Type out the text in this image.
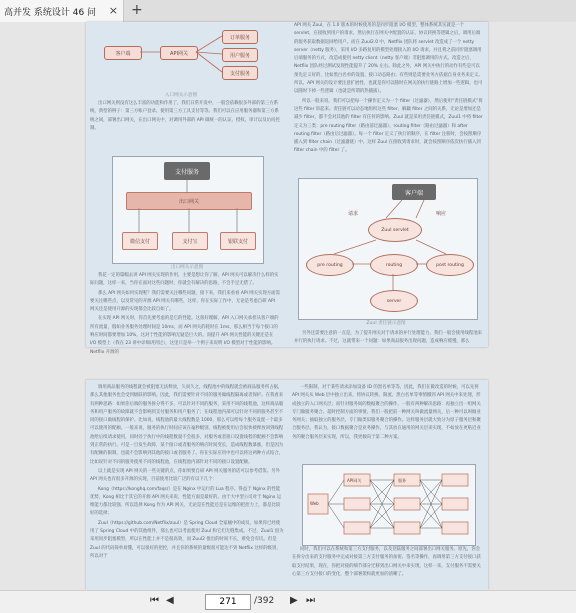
高并发 系统设计 46 问 × +
客户端	API网关
订单服务
用户服务
支付服务
入口网关示意图

出口网关则没有这么丰富的功能和作用了，我们日常开发中，一般会依赖很多外部的第三方系统，典型的例子：第三方账户登录、使用第三方工具支付等等。我们可以在应用服务器和第三方系统之间，部署出口网关，在出口网关中，对调用外部的 API 做统一的认证、授权、审计以及访问控制。

支付服务
出口网关
微信支付	支付宝	银联支付
出口网关示意图

我花一定的篇幅去讲 API 网关实现的作用，主要是想让你了解，API 网关可以解决什么样的实际问题，这样一来，当你在面对这些问题时，你就会有解决的思路，不会手足无措了。

那么 API 网关如何实现呢？我们需要关注哪些问题，接下来，我们来看看 API 网关实现方面需要关注哪些点，以及常见的开源 API 网关有哪些，这样，你在实际工作中，无论是考虑自研 API 网关还是使用开源的实现都会比较自如了。

在实现 API 网关时，你首先要考虑的是它的性能。这很好理解，API 入口网关承担从客户端的所有流量，假如业务服务处理时间是 10ms，而 API 网关的耗时在 1ms，那么相当于每个接口的响应时间都要增加 10%，这对于性能的影响无疑是巨大的。而提升 API 网关性能的关键还是在 I/O 模型上（我在 23 讲中详细讲到过），这里只是举一个例子来说明 I/O 模型对于性能的影响。Netflix 开源的

API 网关 Zuul，在 1.0 版本的时候使用的是同步阻塞 I/O 模型，整体系统其实就是一个 servlet，在接收到用户的请求，然后执行在网关中配置的认证、协议转换等逻辑之后，调用后端的服务获取数据返回给用户。而在 Zuul2.0 中，Netflix 团队将 servlet 改造成了一个 netty server（netty 服务），采用 I/O 多路复用的模型处理接入的 I/O 请求，并且将之前同步阻塞调用后端服务的方式，改造成使用 netty client（netty 客户端）非阻塞调用的方式。改造之后，Netflix 团队经过测试发现性能提升了 20% 左右。除此之外，API 网关中执行的动作有些是可以预先定义好的，比如黑白名单的设置、接口动态路由；有些则是需要业务方依据自身业务来定义。所以，API 网关的设计要注意扩展性，也就是你可以随时在网关的执行链路上增加一些逻辑，也可以随时下掉一些逻辑（也就是所谓的热插拔）。

所以一般来说，我们可以把每一个操作定义为一个 filter（过滤器），然后使用“责任链模式”将这些 filter 串起来。责任链可以动态地组织这些 filter，解耦 filter 之间的关系，无论是增加还是减少 filter，都不会对其他的 filter 有任何的影响。Zuul 就是采用责任链模式，Zuul1 中将 filter 定义为三类：pre routing filter（路由前过滤器）、routing filter（路由过滤器）和 after routing filter（路由后过滤器）。每一个 filter 定义了执行的顺序，在 filter 注册时，会按照顺序插入到 filter chain（过滤器链）中。这样 Zuul 在接收到请求时，就会按照顺序依次执行插入到 filter chain 中的 filter 了。

客户端
请求	响应
Zuul servlet
pre routing	routing	post routing
server
Zuul 责任链示意图

另外还需要注意的一点是，为了提升网关对于请求的并行处理能力，我们一般会使用线程池来并行的执行请求。不过，这就带来一个问题：如果商品服务出现问题，造成响应缓慢，那么

调用商品服务的线程就会被阻塞无法释放，久而久之，线程池中的线程就会被商品服务所占据，那么其他服务也会受到级联的影响。因此，我们需要针对不同的服务做线程隔离或者保护。在我看来有两种思路：如果你后端的服务拆分得不多，可以针对不同的服务，采用不同的线程池，这样商品服务和用户服务的故障就不会影响到支付服务和用户服务了；在线程池内部可以针对不同的服务甚至不同的接口做线程的保护。比如说，线程池的最大线程数是 1000，那么可以给每个服务设置一个最多可以使用的配额。一般来说，服务的执行时间应该在毫秒级别，线程被使用后会很快被释放回到线程池给后续请求使用，同时处于执行中的线程数量不会很多，对服务或者接口设置线程的配额不会影响到正常的执行。可是一旦发生故障，某个接口或者服务的响应时间变长，造成线程数暴涨，但是因为有配额的限制，也就不会影响到其他的接口或者服务了。你在实际应用中也可以将这两种方式结合，比如说针对不同的服务使用不同的线程池，在线程池内部针对不同的接口设置配额。

以上就是实现 API 网关的一些关键的点，你如果要自研 API 网关服务的话可以参考借鉴。另外 API 网关也有很多开源的实现，目前使用比较广泛的有以下几个：

Kong（https://konghq.com/faqs/）是在 Nginx 中运行的 Lua 程序。得益于 Nginx 的性能优势，Kong 相比于其它的开源 API 网关来说，性能方面是最好的。由于大中型公司对于 Nginx 运维能力都比较强，所以选择 Kong 作为 API 网关，无论是在性能还是在运维的把控力上，都是比较好的选择；

Zuul（https://github.com/Netflix/zuul）是 Spring Cloud 全家桶中的成员，如果你已经使用了 Spring Cloud 中的其他组件，那么也可以考虑使用 Zuul 和它们无缝集成。不过，Zuul1 因为采用同步阻塞模型，所以在性能上并不是很高效，而 Zuul2 推出的时间不长，难免会有坑。但是 Zuul 的代码简单易懂，可以很好的把控，并且你的系统的量级很可能达不到 Netflix 这样的级别，所以对于

一些限制，对于某些请求添加设备 ID 的黑名单等等。因此，我们在微改造的时候，可以先将 API 网关从 Web 层中独立出来，将协议转换、限流、黑白名单等事情挪到 API 网关中来处理，形成独立的入口网关层；而针对服务间的数据聚合的操作，一般有两种解决思路：再独立出一组网关专门做服务聚合、超时控制方面的事情，我们一般把前一种网关叫做流量网关，后一种可以叫做业务网关；抽取独立的服务层，专门做类似服务聚合的操作。这样服务层就大致分为原子服务层和聚合服务层。我认为，接口数据聚合是业务操作，与其放在通用的网关层来实现，不如放在更贴近业务的聚合服务层来实现，所以，我更倾向于第二种方案。

Web
API网关	服务

同时，我们可以在系统和第三方支付服务，以及登陆服务之间部署出口网关服务。原先，你会在拆分出来的支付服务中完成对接第三方支付服务的加密、签名等操作，再调用第三方支付接口获取支付结果，现在，你把对接的细节部分迁移到出口网关中来实现，这样一来，支付服务不需要关心第三方支付接口的变化，整个部署架构就更加的清晰了。

⏮ ◀
271	/392 ▶ ⏭
